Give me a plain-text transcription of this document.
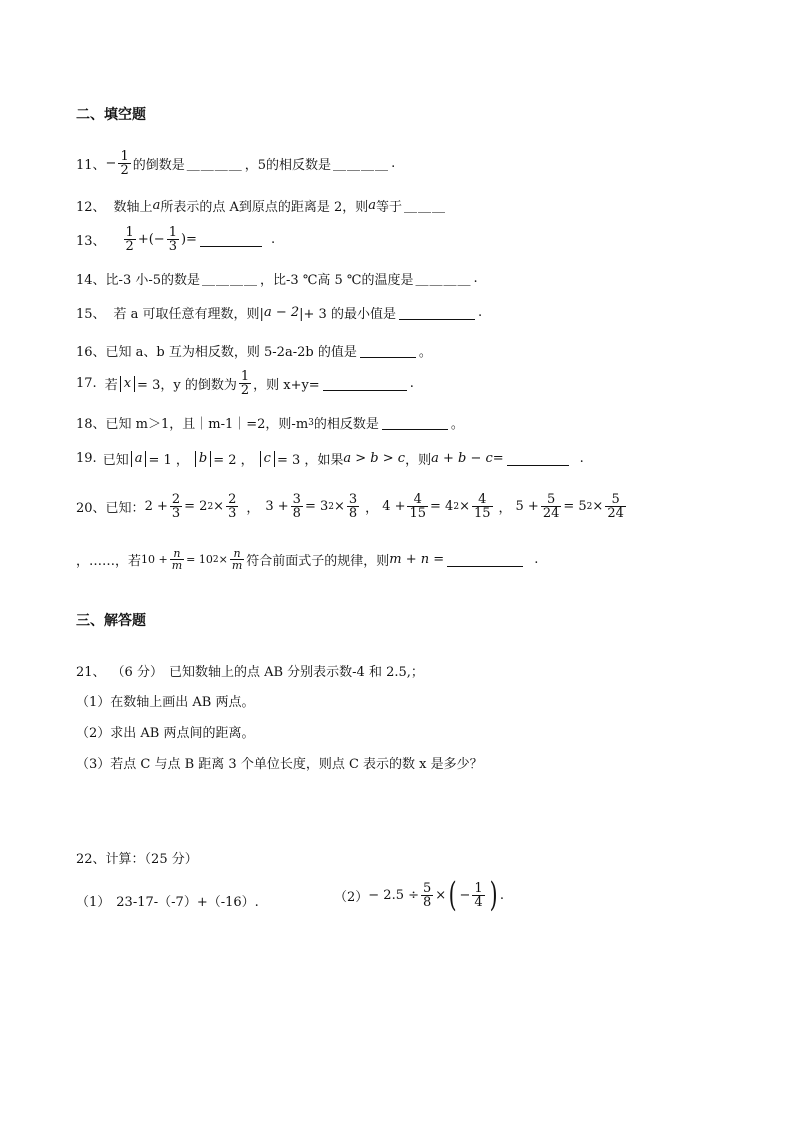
二、填空题
11、 − $\frac{1}{2}$ 的倒数是 ＿＿＿＿ ，5的相反数是 ＿＿＿＿ .
12、 数轴上 a 所表示的点 A到原点的距离是 2，则 a 等于 ＿＿＿
13、 $\frac{1}{2}$ +(− $\frac{1}{3}$ )=	.
14、 比-3 小-5的数是 ＿＿＿＿ ，比-3 ℃高 5 ℃的温度是 ＿＿＿＿ .
15、 若 a 可取任意有理数，则| a − 2 |+ 3 的最小值是	.
16、 已知 a、b 互为相反数，则 5-2a-2b 的值是	。
17. 若 x = 3，y 的倒数为 $\frac{1}{2}$ ，则 x+y=	.
18、 已知 m＞1，且｜m-1｜=2，则-m 3 的相反数是	。
19. 已知 a = 1 ， b = 2 ， c = 3 ，如果 a > b > c ，则 a + b − c =	.
20、 已知： $2 + \frac{2}{3} = 2$ $2 \times \frac{2}{3}$ ， $3 + \frac{3}{8} = 3$ $2 \times \frac{3}{8}$ ， $4 + \frac{4}{15} = 4$ $2 \times \frac{4}{15}$ ， $5 + \frac{5}{24} = 5$ $2 \times \frac{5}{24}$
，……，若 $10 + \frac{n}{m} = 10$ $2 \times \frac{n}{m}$ 符合前面式子的规律，则 m + n =	.
三、解答题
21、 （6 分） 已知数轴上的点 AB 分别表示数-4 和 2.5,；
（1）在数轴上画出 AB 两点。
（2）求出 AB 两点间的距离。
（3）若点 C 与点 B 距离 3 个单位长度，则点 C 表示的数 x 是多少？
22、计算：（25 分）
（1） 23-17-（-7）+（-16）.	$(2) - 2.5 \div \frac{5}{8}$ × ( − $\frac{1}{4}$ ) .
